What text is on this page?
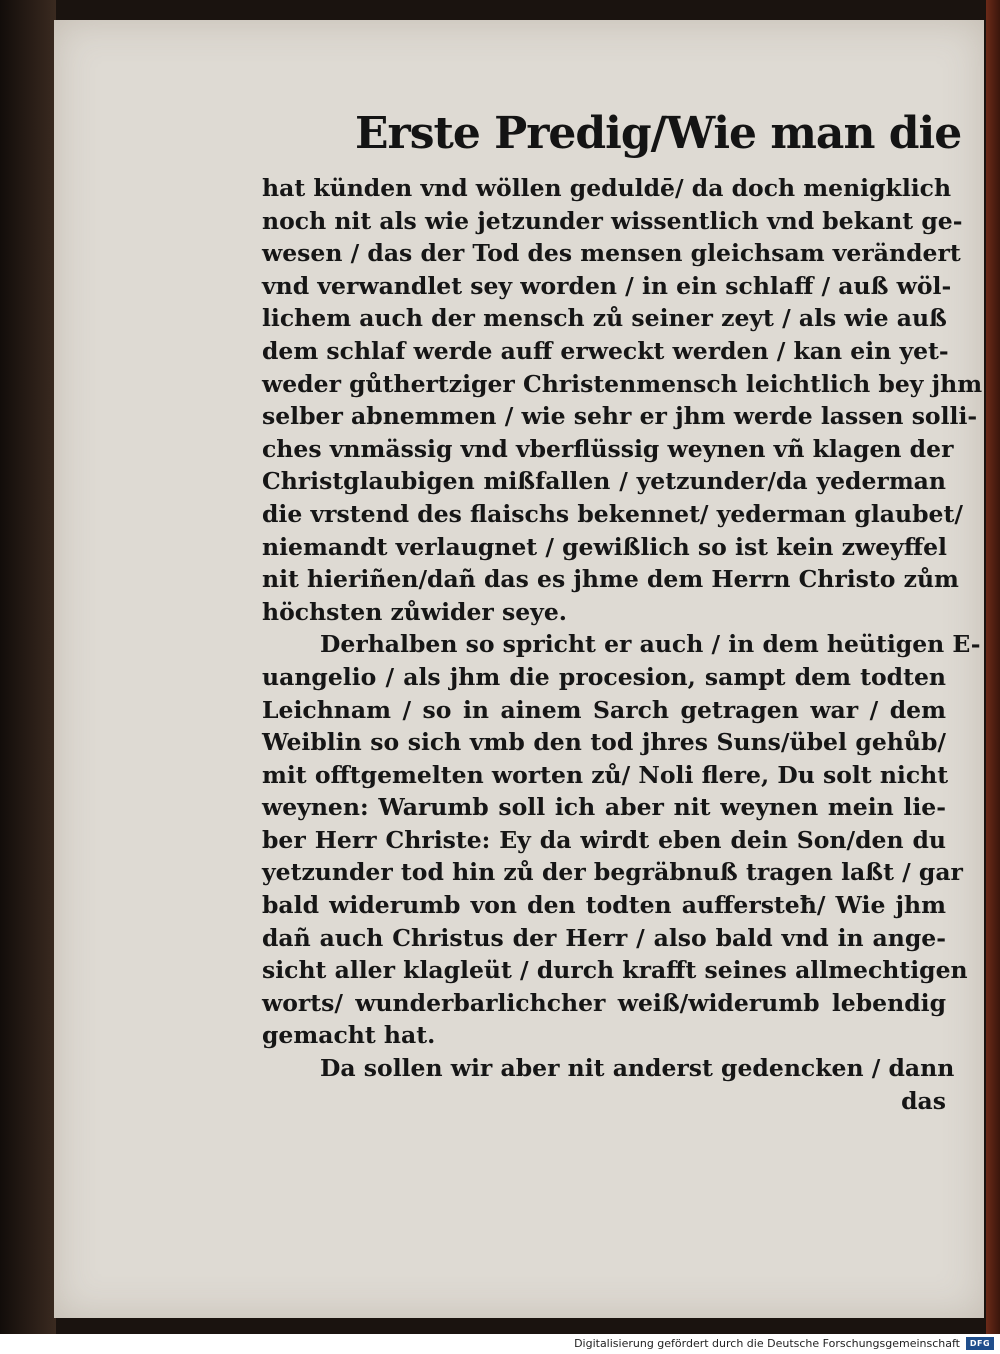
Erste Predig/Wie man die
hat künden vnd wöllen geduldē/ da doch menigklich
noch nit als wie jetzunder wissentlich vnd bekant ge-
wesen / das der Tod des mensen gleichsam verändert
vnd verwandlet sey worden / in ein schlaff / auß wöl-
lichem auch der mensch zů seiner zeyt / als wie auß
dem schlaf werde auff erweckt werden / kan ein yet-
weder gůthertziger Christenmensch leichtlich bey jhm
selber abnemmen / wie sehr er jhm werde lassen solli-
ches vnmässig vnd vberflüssig weynen vñ klagen der
Christglaubigen mißfallen / yetzunder/da yederman
die vrstend des flaischs bekennet/ yederman glaubet/
niemandt verlaugnet / gewißlich so ist kein zweyffel
nit hieriñen/dañ das es jhme dem Herrn Christo zům
höchsten zůwider seye.
Derhalben so spricht er auch / in dem heütigen E-
uangelio / als jhm die procesion, sampt dem todten
Leichnam / so in ainem Sarch getragen war / dem
Weiblin so sich vmb den tod jhres Suns/übel gehůb/
mit offtgemelten worten zů/ Noli flere, Du solt nicht
weynen: Warumb soll ich aber nit weynen mein lie-
ber Herr Christe: Ey da wirdt eben dein Son/den du
yetzunder tod hin zů der begräbnuß tragen laßt / gar
bald widerumb von den todten auffersteħ/ Wie jhm
dañ auch Christus der Herr / also bald vnd in ange-
sicht aller klagleüt / durch krafft seines allmechtigen
worts/ wunderbarlichcher weiß/widerumb lebendig
gemacht hat.
Da sollen wir aber nit anderst gedencken / dann
das
Digitalisierung gefördert durch die Deutsche Forschungsgemeinschaft	DFG
